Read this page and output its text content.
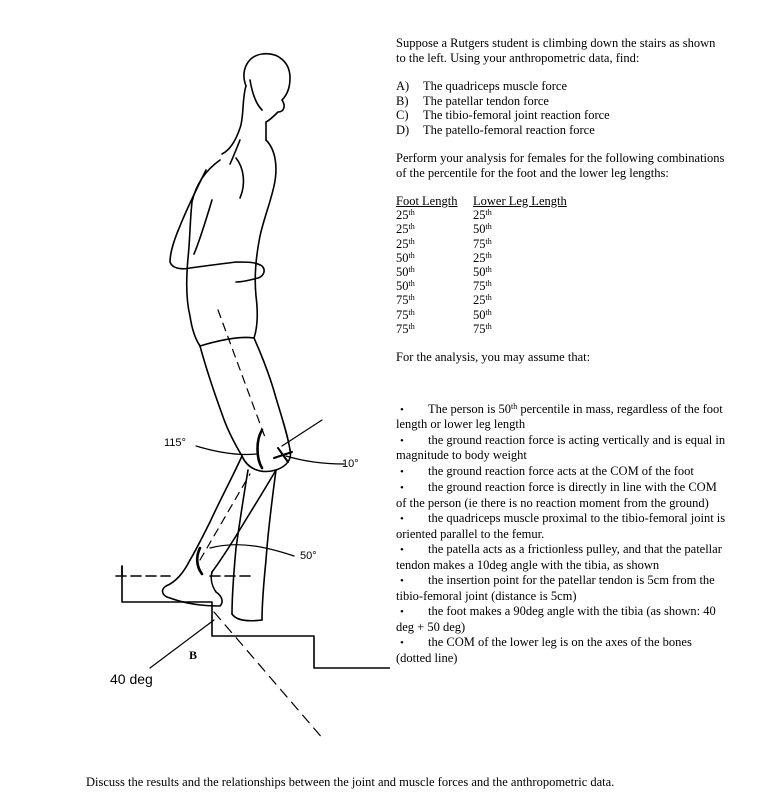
115°
10°
50°
B
40 deg

Suppose a Rutgers student is climbing down the stairs as shown to the left. Using your anthropometric data, find:

A)	The quadriceps muscle force
B)	The patellar tendon force
C)	The tibio-femoral joint reaction force
D)	The patello-femoral reaction force

Perform your analysis for females for the following combinations of the percentile for the foot and the lower leg lengths:

Foot Length	Lower Leg Length
25th	25th
25th	50th
25th	75th
50th	25th
50th	50th
50th	75th
75th	25th
75th	50th
75th	75th

For the analysis, you may assume that:

• The person is 50th percentile in mass, regardless of the foot length or lower leg length
• the ground reaction force is acting vertically and is equal in magnitude to body weight
• the ground reaction force acts at the COM of the foot
• the ground reaction force is directly in line with the COM of the person (ie there is no reaction moment from the ground)
• the quadriceps muscle proximal to the tibio-femoral joint is oriented parallel to the femur.
• the patella acts as a frictionless pulley, and that the patellar tendon makes a 10deg angle with the tibia, as shown
• the insertion point for the patellar tendon is 5cm from the tibio-femoral joint (distance is 5cm)
• the foot makes a 90deg angle with the tibia (as shown: 40 deg + 50 deg)
• the COM of the lower leg is on the axes of the bones (dotted line)
Discuss the results and the relationships between the joint and muscle forces and the anthropometric data.
